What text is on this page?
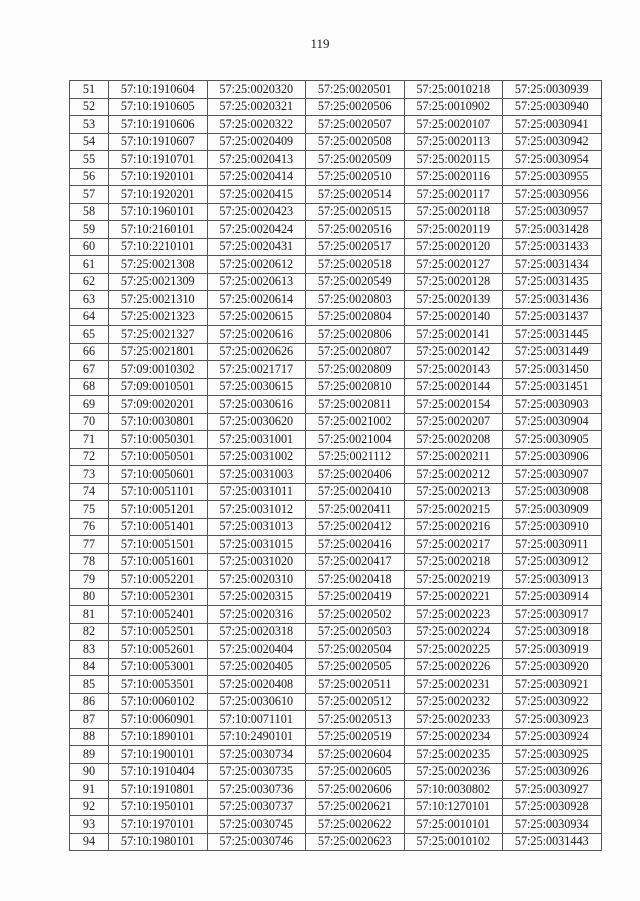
119
51	57:10:1910604	57:25:0020320	57:25:0020501	57:25:0010218	57:25:0030939
52	57:10:1910605	57:25:0020321	57:25:0020506	57:25:0010902	57:25:0030940
53	57:10:1910606	57:25:0020322	57:25:0020507	57:25:0020107	57:25:0030941
54	57:10:1910607	57:25:0020409	57:25:0020508	57:25:0020113	57:25:0030942
55	57:10:1910701	57:25:0020413	57:25:0020509	57:25:0020115	57:25:0030954
56	57:10:1920101	57:25:0020414	57:25:0020510	57:25:0020116	57:25:0030955
57	57:10:1920201	57:25:0020415	57:25:0020514	57:25:0020117	57:25:0030956
58	57:10:1960101	57:25:0020423	57:25:0020515	57:25:0020118	57:25:0030957
59	57:10:2160101	57:25:0020424	57:25:0020516	57:25:0020119	57:25:0031428
60	57:10:2210101	57:25:0020431	57:25:0020517	57:25:0020120	57:25:0031433
61	57:25:0021308	57:25:0020612	57:25:0020518	57:25:0020127	57:25:0031434
62	57:25:0021309	57:25:0020613	57:25:0020549	57:25:0020128	57:25:0031435
63	57:25:0021310	57:25:0020614	57:25:0020803	57:25:0020139	57:25:0031436
64	57:25:0021323	57:25:0020615	57:25:0020804	57:25:0020140	57:25:0031437
65	57:25:0021327	57:25:0020616	57:25:0020806	57:25:0020141	57:25:0031445
66	57:25:0021801	57:25:0020626	57:25:0020807	57:25:0020142	57:25:0031449
67	57:09:0010302	57:25:0021717	57:25:0020809	57:25:0020143	57:25:0031450
68	57:09:0010501	57:25:0030615	57:25:0020810	57:25:0020144	57:25:0031451
69	57:09:0020201	57:25:0030616	57:25:0020811	57:25:0020154	57:25:0030903
70	57:10:0030801	57:25:0030620	57:25:0021002	57:25:0020207	57:25:0030904
71	57:10:0050301	57:25:0031001	57:25:0021004	57:25:0020208	57:25:0030905
72	57:10:0050501	57:25:0031002	57:25:0021112	57:25:0020211	57:25:0030906
73	57:10:0050601	57:25:0031003	57:25:0020406	57:25:0020212	57:25:0030907
74	57:10:0051101	57:25:0031011	57:25:0020410	57:25:0020213	57:25:0030908
75	57:10:0051201	57:25:0031012	57:25:0020411	57:25:0020215	57:25:0030909
76	57:10:0051401	57:25:0031013	57:25:0020412	57:25:0020216	57:25:0030910
77	57:10:0051501	57:25:0031015	57:25:0020416	57:25:0020217	57:25:0030911
78	57:10:0051601	57:25:0031020	57:25:0020417	57:25:0020218	57:25:0030912
79	57:10:0052201	57:25:0020310	57:25:0020418	57:25:0020219	57:25:0030913
80	57:10:0052301	57:25:0020315	57:25:0020419	57:25:0020221	57:25:0030914
81	57:10:0052401	57:25:0020316	57:25:0020502	57:25:0020223	57:25:0030917
82	57:10:0052501	57:25:0020318	57:25:0020503	57:25:0020224	57:25:0030918
83	57:10:0052601	57:25:0020404	57:25:0020504	57:25:0020225	57:25:0030919
84	57:10:0053001	57:25:0020405	57:25:0020505	57:25:0020226	57:25:0030920
85	57:10:0053501	57:25:0020408	57:25:0020511	57:25:0020231	57:25:0030921
86	57:10:0060102	57:25:0030610	57:25:0020512	57:25:0020232	57:25:0030922
87	57:10:0060901	57:10:0071101	57:25:0020513	57:25:0020233	57:25:0030923
88	57:10:1890101	57:10:2490101	57:25:0020519	57:25:0020234	57:25:0030924
89	57:10:1900101	57:25:0030734	57:25:0020604	57:25:0020235	57:25:0030925
90	57:10:1910404	57:25:0030735	57:25:0020605	57:25:0020236	57:25:0030926
91	57:10:1910801	57:25:0030736	57:25:0020606	57:10:0030802	57:25:0030927
92	57:10:1950101	57:25:0030737	57:25:0020621	57:10:1270101	57:25:0030928
93	57:10:1970101	57:25:0030745	57:25:0020622	57:25:0010101	57:25:0030934
94	57:10:1980101	57:25:0030746	57:25:0020623	57:25:0010102	57:25:0031443
